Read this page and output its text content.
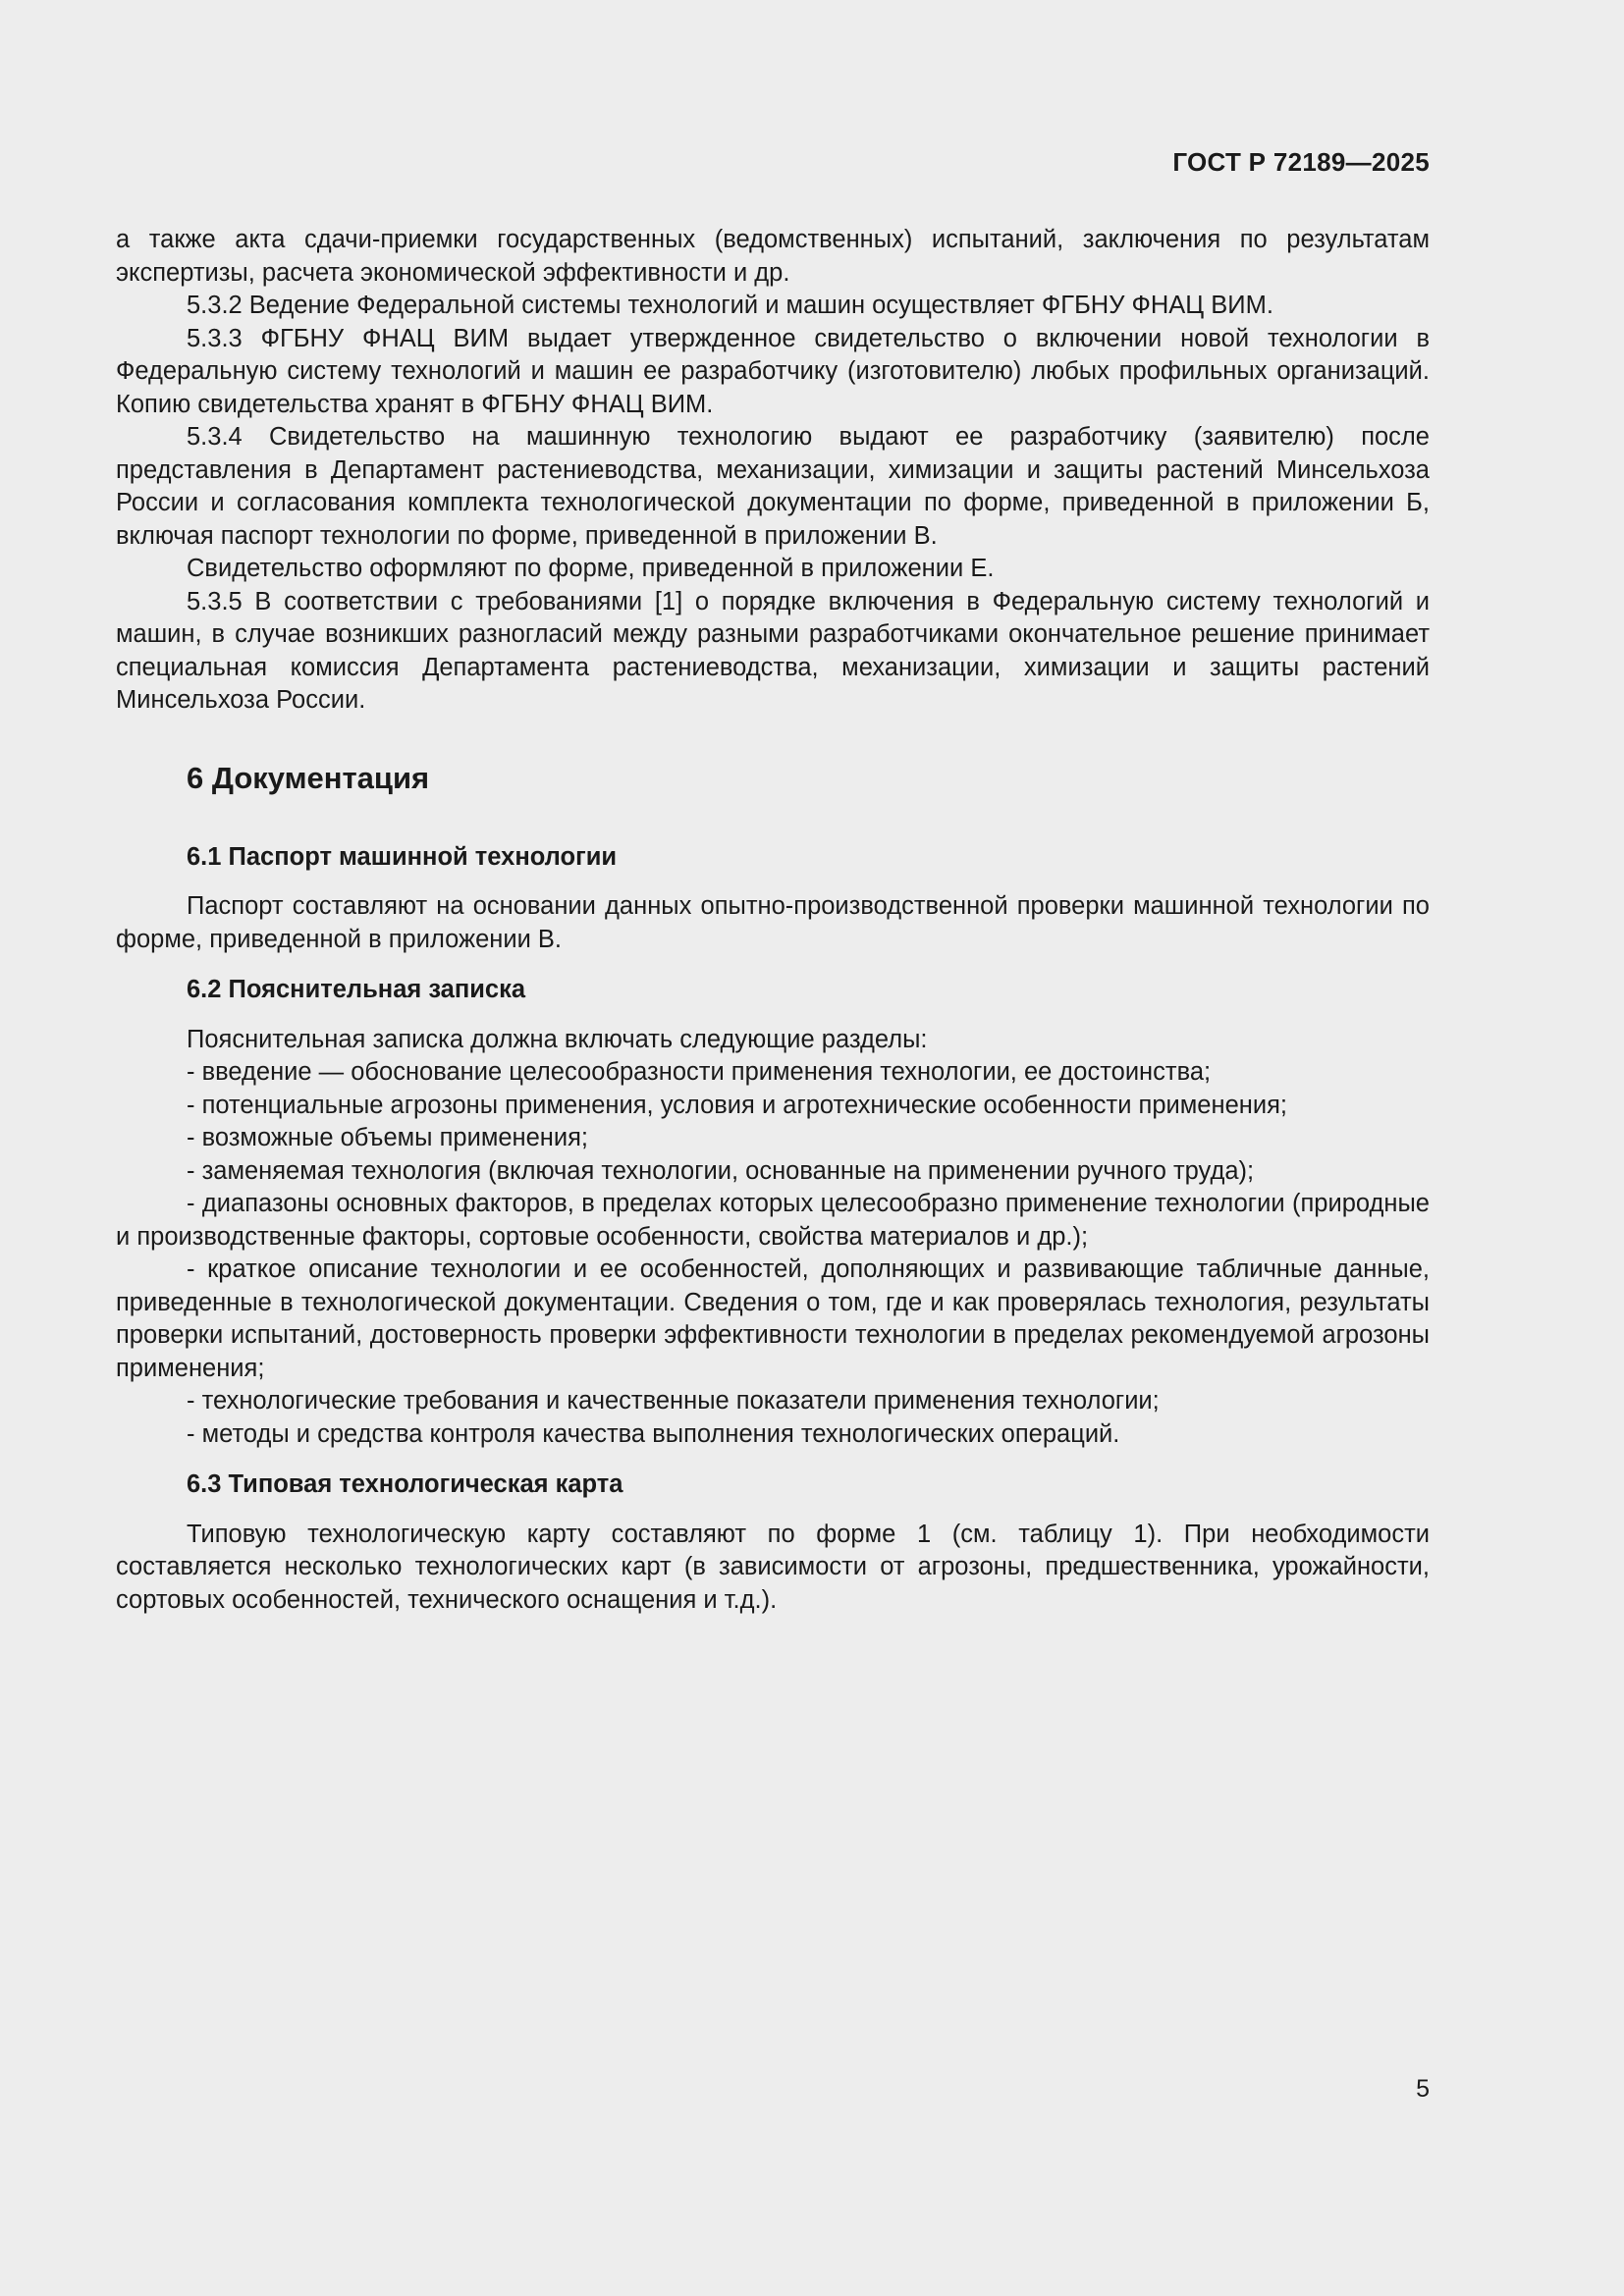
ГОСТ Р 72189—2025

а также акта сдачи-приемки государственных (ведомственных) испытаний, заключения по результатам экспертизы, расчета экономической эффективности и др.

5.3.2 Ведение Федеральной системы технологий и машин осуществляет ФГБНУ ФНАЦ ВИМ.

5.3.3 ФГБНУ ФНАЦ ВИМ выдает утвержденное свидетельство о включении новой технологии в Федеральную систему технологий и машин ее разработчику (изготовителю) любых профильных организаций. Копию свидетельства хранят в ФГБНУ ФНАЦ ВИМ.

5.3.4 Свидетельство на машинную технологию выдают ее разработчику (заявителю) после представления в Департамент растениеводства, механизации, химизации и защиты растений Минсельхоза России и согласования комплекта технологической документации по форме, приведенной в приложении Б, включая паспорт технологии по форме, приведенной в приложении В.

Свидетельство оформляют по форме, приведенной в приложении Е.

5.3.5 В соответствии с требованиями [1] о порядке включения в Федеральную систему технологий и машин, в случае возникших разногласий между разными разработчиками окончательное решение принимает специальная комиссия Департамента растениеводства, механизации, химизации и защиты растений Минсельхоза России.

6 Документация
6.1 Паспорт машинной технологии

Паспорт составляют на основании данных опытно-производственной проверки машинной технологии по форме, приведенной в приложении В.

6.2 Пояснительная записка

Пояснительная записка должна включать следующие разделы:

- введение — обоснование целесообразности применения технологии, ее достоинства;

- потенциальные агрозоны применения, условия и агротехнические особенности применения;

- возможные объемы применения;

- заменяемая технология (включая технологии, основанные на применении ручного труда);

- диапазоны основных факторов, в пределах которых целесообразно применение технологии (природные и производственные факторы, сортовые особенности, свойства материалов и др.);

- краткое описание технологии и ее особенностей, дополняющих и развивающие табличные данные, приведенные в технологической документации. Сведения о том, где и как проверялась технология, результаты проверки испытаний, достоверность проверки эффективности технологии в пределах рекомендуемой агрозоны применения;

- технологические требования и качественные показатели применения технологии;

- методы и средства контроля качества выполнения технологических операций.

6.3 Типовая технологическая карта

Типовую технологическую карту составляют по форме 1 (см. таблицу 1). При необходимости составляется несколько технологических карт (в зависимости от агрозоны, предшественника, урожайности, сортовых особенностей, технического оснащения и т.д.).

5
